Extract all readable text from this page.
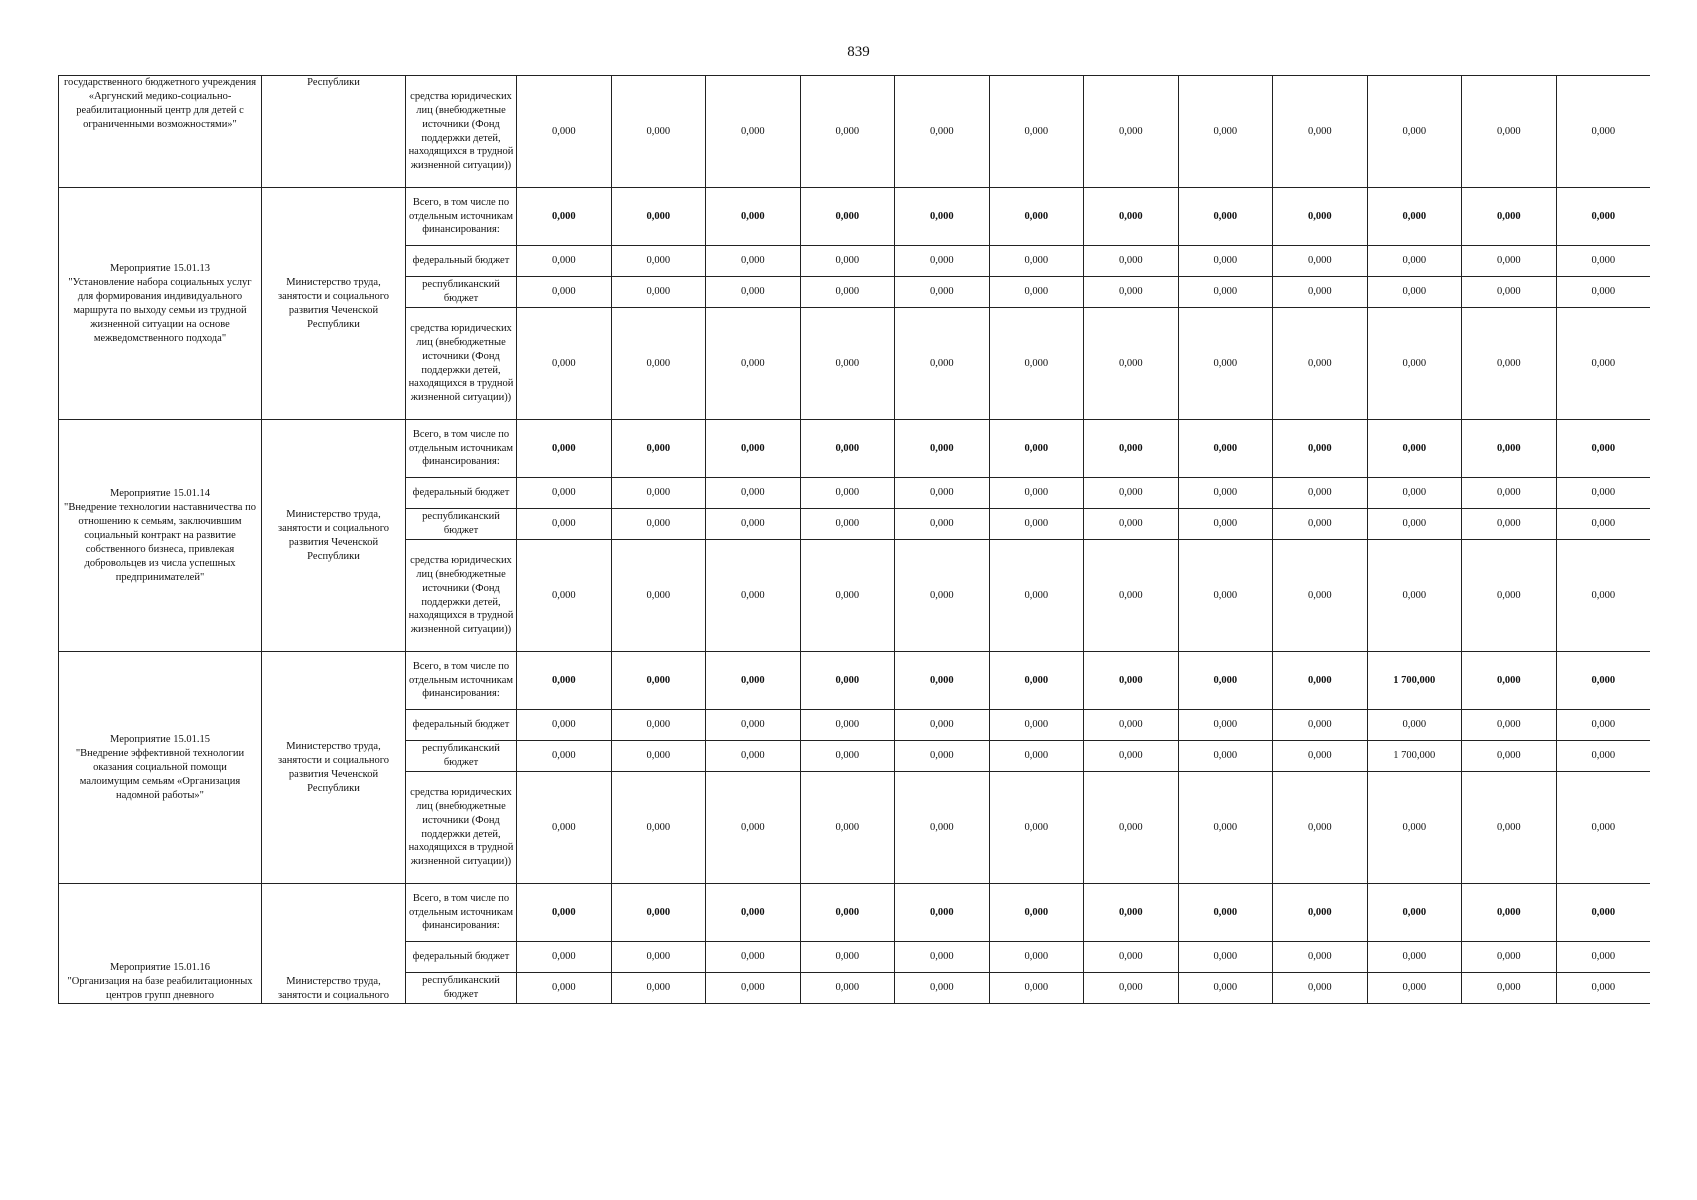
839
государственного бюджетного учреждения «Аргунский медико-социально-реабилитационный центр для детей с ограниченными возможностями»"	Республики	средства юридических лиц (внебюджетные источники (Фонд поддержки детей, находящихся в трудной жизненной ситуации))	0,000	0,000	0,000	0,000	0,000	0,000	0,000	0,000	0,000	0,000	0,000	0,000

Мероприятие 15.01.13
"Установление набора социальных услуг для формирования индивидуального маршрута по выходу семьи из трудной жизненной ситуации на основе межведомственного подхода"	Министерство труда, занятости и социального развития Чеченской Республики	Всего, в том числе по отдельным источникам финансирования:	0,000	0,000	0,000	0,000	0,000	0,000	0,000	0,000	0,000	0,000	0,000	0,000
		федеральный бюджет	0,000	0,000	0,000	0,000	0,000	0,000	0,000	0,000	0,000	0,000	0,000	0,000
		республиканский бюджет	0,000	0,000	0,000	0,000	0,000	0,000	0,000	0,000	0,000	0,000	0,000	0,000
		средства юридических лиц (внебюджетные источники (Фонд поддержки детей, находящихся в трудной жизненной ситуации))	0,000	0,000	0,000	0,000	0,000	0,000	0,000	0,000	0,000	0,000	0,000	0,000

Мероприятие 15.01.14
"Внедрение технологии наставничества по отношению к семьям, заключившим социальный контракт на развитие собственного бизнеса, привлекая добровольцев из числа успешных предпринимателей"	Министерство труда, занятости и социального развития Чеченской Республики	Всего, в том числе по отдельным источникам финансирования:	0,000	0,000	0,000	0,000	0,000	0,000	0,000	0,000	0,000	0,000	0,000	0,000
		федеральный бюджет	0,000	0,000	0,000	0,000	0,000	0,000	0,000	0,000	0,000	0,000	0,000	0,000
		республиканский бюджет	0,000	0,000	0,000	0,000	0,000	0,000	0,000	0,000	0,000	0,000	0,000	0,000
		средства юридических лиц (внебюджетные источники (Фонд поддержки детей, находящихся в трудной жизненной ситуации))	0,000	0,000	0,000	0,000	0,000	0,000	0,000	0,000	0,000	0,000	0,000	0,000

Мероприятие 15.01.15
"Внедрение эффективной технологии оказания социальной помощи малоимущим семьям «Организация надомной работы»"	Министерство труда, занятости и социального развития Чеченской Республики	Всего, в том числе по отдельным источникам финансирования:	0,000	0,000	0,000	0,000	0,000	0,000	0,000	0,000	0,000	1 700,000	0,000	0,000
		федеральный бюджет	0,000	0,000	0,000	0,000	0,000	0,000	0,000	0,000	0,000	0,000	0,000	0,000
		республиканский бюджет	0,000	0,000	0,000	0,000	0,000	0,000	0,000	0,000	0,000	1 700,000	0,000	0,000
		средства юридических лиц (внебюджетные источники (Фонд поддержки детей, находящихся в трудной жизненной ситуации))	0,000	0,000	0,000	0,000	0,000	0,000	0,000	0,000	0,000	0,000	0,000	0,000

Мероприятие 15.01.16
"Организация на базе реабилитационных центров групп дневного	Министерство труда, занятости и социального	Всего, в том числе по отдельным источникам финансирования:	0,000	0,000	0,000	0,000	0,000	0,000	0,000	0,000	0,000	0,000	0,000	0,000
		федеральный бюджет	0,000	0,000	0,000	0,000	0,000	0,000	0,000	0,000	0,000	0,000	0,000	0,000
		республиканский бюджет	0,000	0,000	0,000	0,000	0,000	0,000	0,000	0,000	0,000	0,000	0,000	0,000
